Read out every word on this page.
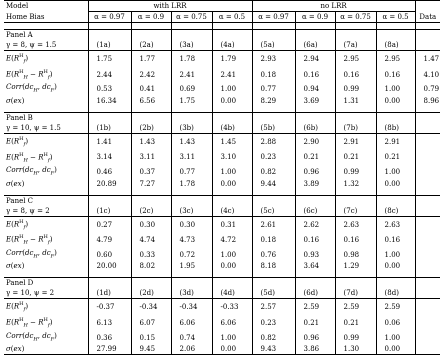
Model	with LRR				no LRR				
Home Bias	α = 0.97	α = 0.9	α = 0.75	α = 0.5	α = 0.97	α = 0.9	α = 0.75	α = 0.5	Data

Panel A									
γ = 8, ψ = 1.5	(1a)	(2a)	(3a)	(4a)	(5a)	(6a)	(7a)	(8a)	
$E(R^H_f)$	1.75	1.77	1.78	1.79	2.93	2.94	2.95	2.95	1.47
$E(R^H_H - R^H_f)$	2.44	2.42	2.41	2.41	0.18	0.16	0.16	0.16	4.10
$Corr(dc_H$, $dc_F$)	0.53	0.41	0.69	1.00	0.77	0.94	0.99	1.00	0.79
σ(ex)	16.34	6.56	1.75	0.00	8.29	3.69	1.31	0.00	8.96

Panel B									
γ = 10, ψ = 1.5	(1b)	(2b)	(3b)	(4b)	(5b)	(6b)	(7b)	(8b)	
$E(R^H_f)$	1.41	1.43	1.43	1.45	2.88	2.90	2.91	2.91	
$E(R^H_H - R^H_f)$	3.14	3.11	3.11	3.10	0.23	0.21	0.21	0.21	
$Corr(dc_H$, $dc_F$)	0.46	0.37	0.77	1.00	0.82	0.96	0.99	1.00	
σ(ex)	20.89	7.27	1.78	0.00	9.44	3.89	1.32	0.00	

Panel C									
γ = 8, ψ = 2	(1c)	(2c)	(3c)	(4c)	(5c)	(6c)	(7c)	(8c)	
$E(R^H_f)$	0.27	0.30	0.30	0.31	2.61	2.62	2.63	2.63	
$E(R^H_H - R^H_f)$	4.79	4.74	4.73	4.72	0.18	0.16	0.16	0.16	
$Corr(dc_H$, $dc_F$)	0.60	0.33	0.72	1.00	0.76	0.93	0.98	1.00	
σ(ex)	20.00	8.02	1.95	0.00	8.18	3.64	1.29	0.00	

Panel D									
γ = 10, ψ = 2	(1d)	(2d)	(3d)	(4d)	(5d)	(6d)	(7d)	(8d)	
$E(R^H_f)$	-0.37	-0.34	-0.34	-0.33	2.57	2.59	2.59	2.59	
$E(R^H_H - R^H_f)$	6.13	6.07	6.06	6.06	0.23	0.21	0.21	0.06	
$Corr(dc_H$, $dc_F$)	0.36	0.15	0.74	1.00	0.82	0.96	0.99	1.00	
σ(ex)	27.99	9.45	2.06	0.00	9.43	3.86	1.30	0.00	
